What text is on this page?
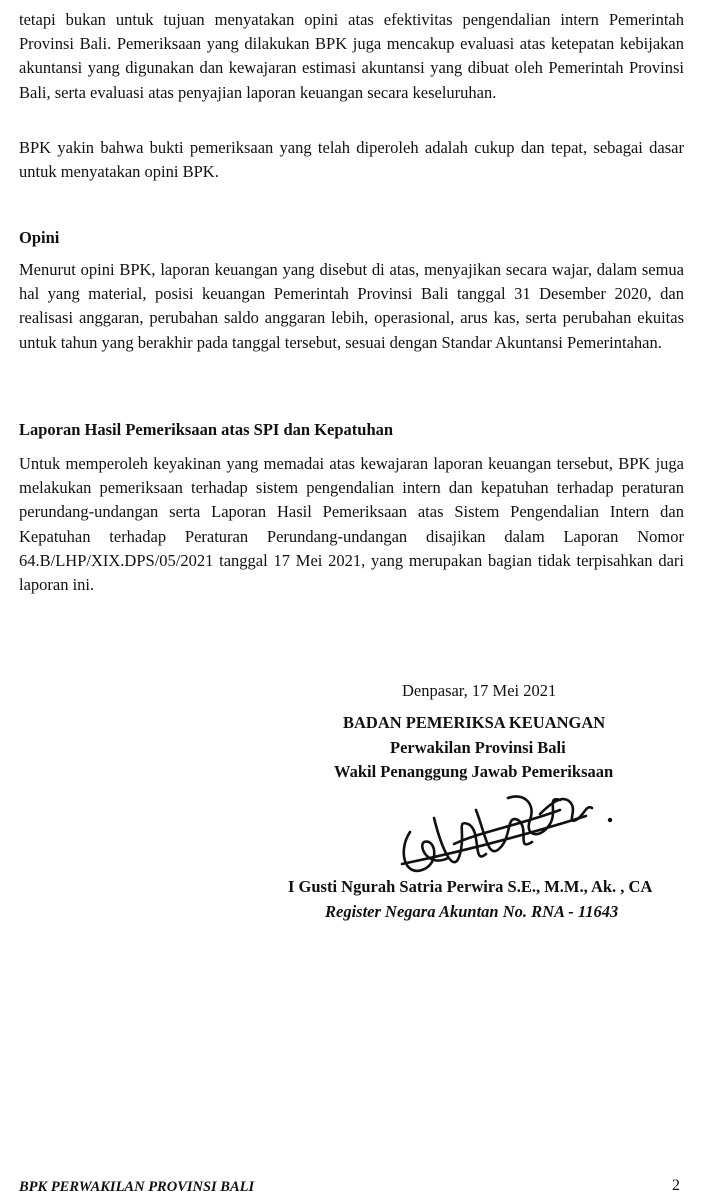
tetapi bukan untuk tujuan menyatakan opini atas efektivitas pengendalian intern Pemerintah Provinsi Bali. Pemeriksaan yang dilakukan BPK juga mencakup evaluasi atas ketepatan kebijakan akuntansi yang digunakan dan kewajaran estimasi akuntansi yang dibuat oleh Pemerintah Provinsi Bali, serta evaluasi atas penyajian laporan keuangan secara keseluruhan.

BPK yakin bahwa bukti pemeriksaan yang telah diperoleh adalah cukup dan tepat, sebagai dasar untuk menyatakan opini BPK.

Opini

Menurut opini BPK, laporan keuangan yang disebut di atas, menyajikan secara wajar, dalam semua hal yang material, posisi keuangan Pemerintah Provinsi Bali tanggal 31 Desember 2020, dan realisasi anggaran, perubahan saldo anggaran lebih, operasional, arus kas, serta perubahan ekuitas untuk tahun yang berakhir pada tanggal tersebut, sesuai dengan Standar Akuntansi Pemerintahan.

Laporan Hasil Pemeriksaan atas SPI dan Kepatuhan

Untuk memperoleh keyakinan yang memadai atas kewajaran laporan keuangan tersebut, BPK juga melakukan pemeriksaan terhadap sistem pengendalian intern dan kepatuhan terhadap peraturan perundang-undangan serta Laporan Hasil Pemeriksaan atas Sistem Pengendalian Intern dan Kepatuhan terhadap Peraturan Perundang-undangan disajikan dalam Laporan Nomor 64.B/LHP/XIX.DPS/05/2021 tanggal 17 Mei 2021, yang merupakan bagian tidak terpisahkan dari laporan ini.

Denpasar, 17 Mei 2021

BADAN PEMERIKSA KEUANGAN

Perwakilan Provinsi Bali

Wakil Penanggung Jawab Pemeriksaan

I Gusti Ngurah Satria Perwira S.E., M.M., Ak. , CA

Register Negara Akuntan No. RNA - 11643

BPK PERWAKILAN PROVINSI BALI	2
